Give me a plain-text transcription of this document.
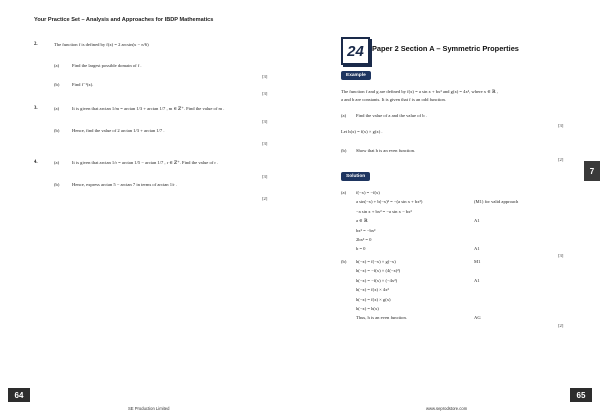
Your Practice Set – Analysis and Approaches for IBDP Mathematics
2.	The function f is defined by f(x) = 2 arcsin(x − π/6)
(a)	Find the largest possible domain of f .
[3]
(b)	Find f⁻¹(x).
[3]
3.	(a)	It is given that arctan 1/m = arctan 1/3 + arctan 1/7 , m ∈ ℤ⁺. Find the value of m .
[3]
(b)	Hence, find the value of 2 arctan 1/3 + arctan 1/7 .
[3]
4.	(a)	It is given that arctan 1/r = arctan 1/5 − arctan 1/7 , r ∈ ℤ⁺. Find the value of r .
[3]
(b)	Hence, express arctan 5 − arctan 7 in terms of arctan 1/r .
[2]
64
SE Production Limited
24	Paper 2 Section A – Symmetric Properties
Example
The function f and g are defined by f(x) = a sin x + bx³ and g(x) = 4x², where x ∈ ℝ ,
a and b are constants. It is given that f is an odd function.
(a) Find the value of a and the value of b .
[3]
Let h(x) = f(x) × g(x) .
(b) Show that h is an even function.
[2]
Solution
(a) f(−x) = −f(x)
a sin(−x) + b(−x)³ = −(a sin x + bx³)	(M1) for valid approach
−a sin x + bx³ = −a sin x − bx³
a ∈ ℝ	A1
bx³ = −bx³
2bx³ = 0
b = 0	A1
[3]
(b) h(−x) = f(−x) × g(−x)	M1
h(−x) = −f(x) × (4(−x)²)
h(−x) = −f(x) × (−4x²)	A1
h(−x) = f(x) × 4x²
h(−x) = f(x) × g(x)
h(−x) = h(x)
Thus, h is an even function.	AG
[2]
7
65
www.seprodstore.com
